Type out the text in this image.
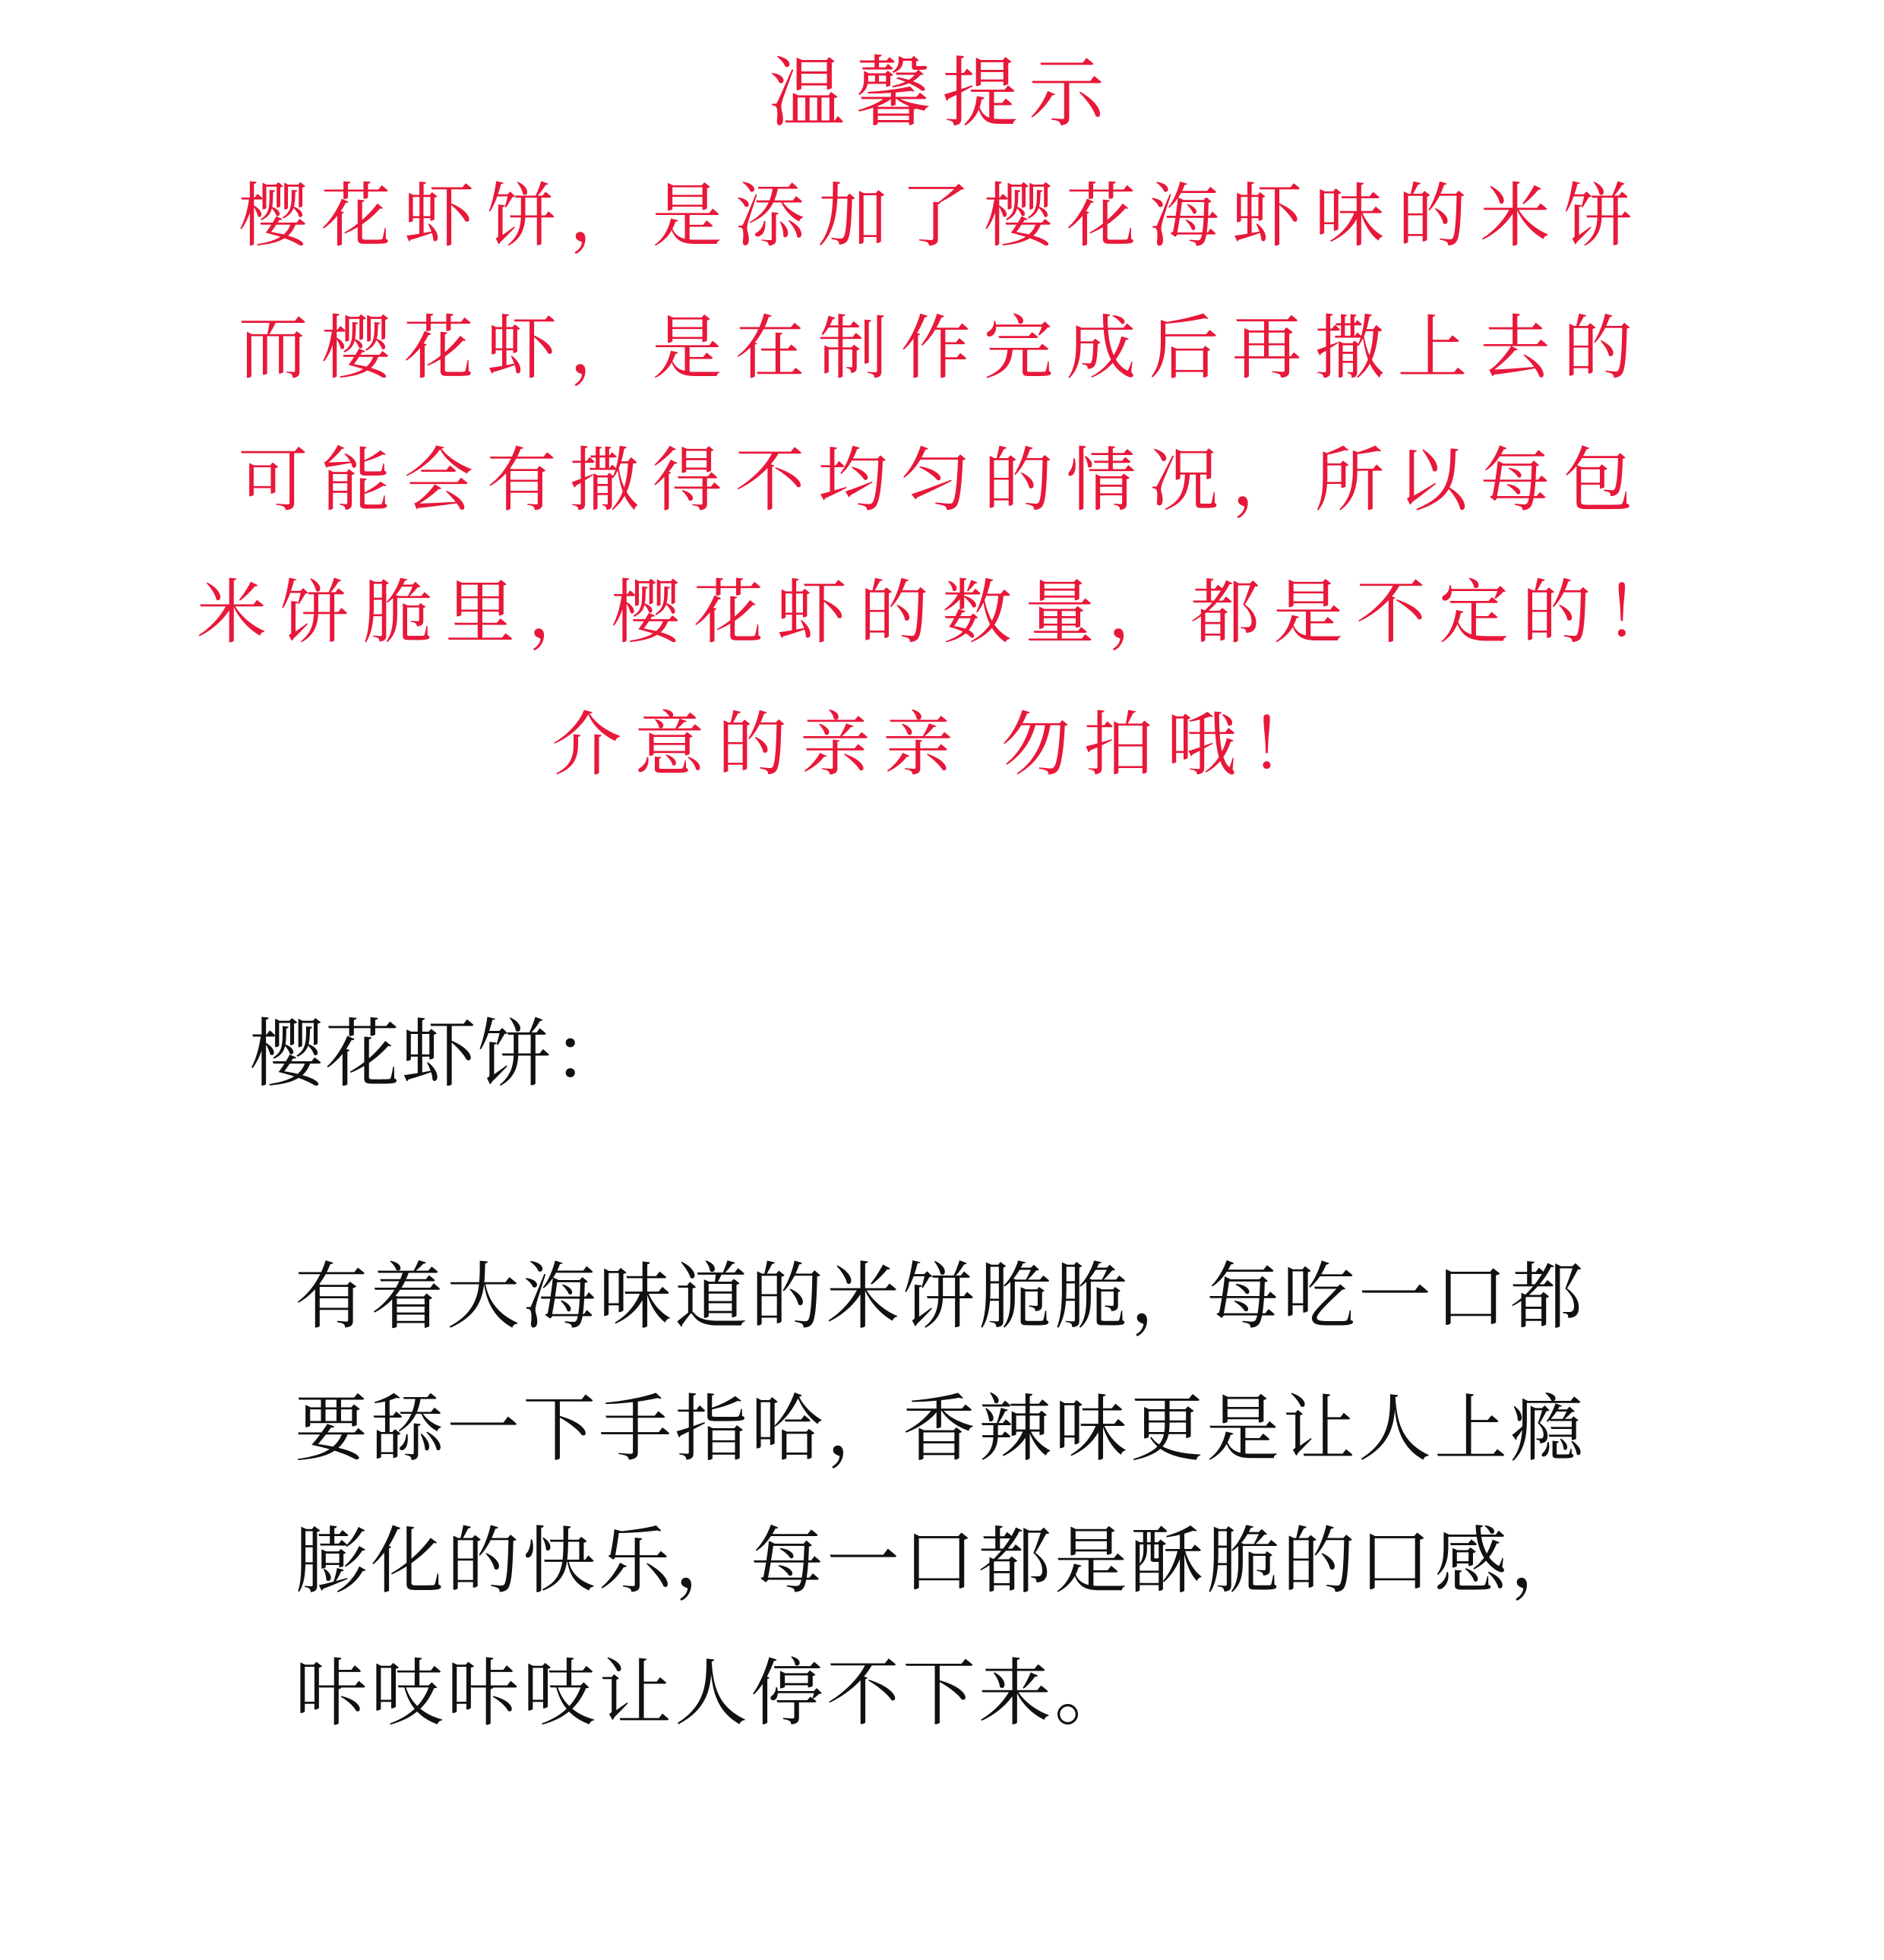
温馨提示

樱花虾饼，是添加了樱花海虾味的米饼

而樱花虾，是在制作完成后再撒上去的

可能会有撒得不均匀的情况，所以每包

米饼脆里，樱花虾的数量，都是不定的！

介意的亲亲 勿拍哦！

樱花虾饼：

有着大海味道的米饼脆脆，每吃一口都

要舔一下手指哈，香辣味更是让人上瘾

膨化的快乐，每一口都是酥脆的口感，

咔吱咔吱让人停不下来。
